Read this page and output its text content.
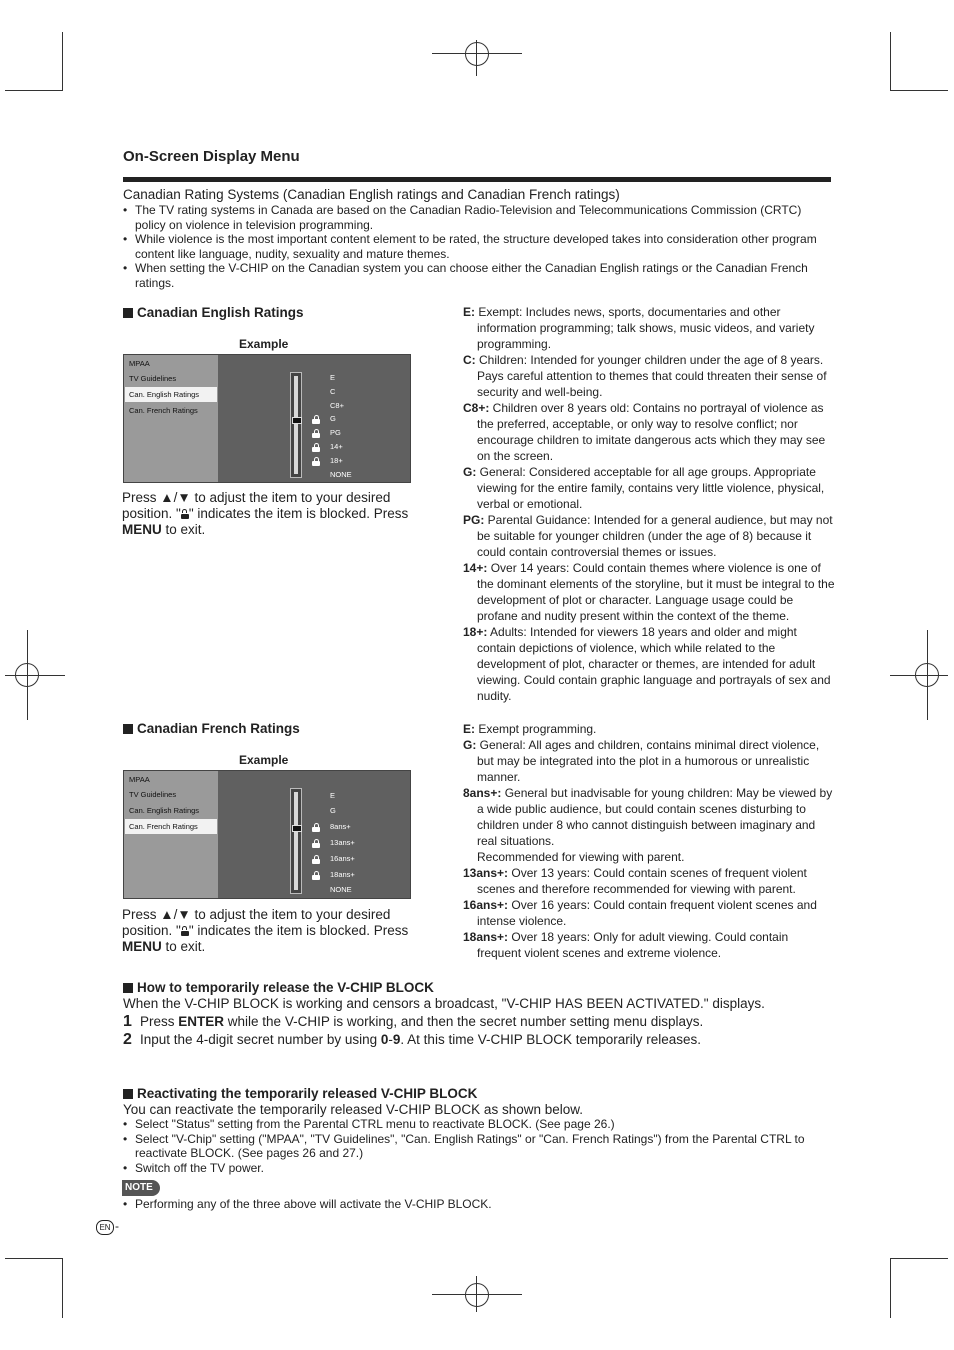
On-Screen Display Menu
Canadian Rating Systems (Canadian English ratings and Canadian French ratings)
• The TV rating systems in Canada are based on the Canadian Radio-Television and Telecommunications Commission (CRTC) policy on violence in television programming.
• While violence is the most important content element to be rated, the structure developed takes into consideration other program content like language, nudity, sexuality and mature themes.
• When setting the V-CHIP on the Canadian system you can choose either the Canadian English ratings or the Canadian French ratings.
Canadian English Ratings
Example
MPAA
TV Guidelines
Can. English Ratings
Can. French Ratings
E
C
C8+
G
PG
14+
18+
NONE
Press ▲/▼ to adjust the item to your desired position. " " indicates the item is blocked. Press MENU to exit.

E: Exempt: Includes news, sports, documentaries and other information programming; talk shows, music videos, and variety programming.

C: Children: Intended for younger children under the age of 8 years. Pays careful attention to themes that could threaten their sense of security and well-being.

C8+: Children over 8 years old: Contains no portrayal of violence as the preferred, acceptable, or only way to resolve conflict; nor encourage children to imitate dangerous acts which they may see on the screen.

G: General: Considered acceptable for all age groups. Appropriate viewing for the entire family, contains very little violence, physical, verbal or emotional.

PG: Parental Guidance: Intended for a general audience, but may not be suitable for younger children (under the age of 8) because it could contain controversial themes or issues.

14+: Over 14 years: Could contain themes where violence is one of the dominant elements of the storyline, but it must be integral to the development of plot or character. Language usage could be profane and nudity present within the context of the theme.

18+: Adults: Intended for viewers 18 years and older and might contain depictions of violence, which while related to the development of plot, character or themes, are intended for adult viewing. Could contain graphic language and portrayals of sex and nudity.

Canadian French Ratings
Example
MPAA
TV Guidelines
Can. English Ratings
Can. French Ratings
E
G
8ans+
13ans+
16ans+
18ans+
NONE
Press ▲/▼ to adjust the item to your desired position. " " indicates the item is blocked. Press MENU to exit.

E: Exempt programming.

G: General: All ages and children, contains minimal direct violence, but may be integrated into the plot in a humorous or unrealistic manner.

8ans+: General but inadvisable for young children: May be viewed by a wide public audience, but could contain scenes disturbing to children under 8 who cannot distinguish between imaginary and real situations.

Recommended for viewing with parent.

13ans+: Over 13 years: Could contain scenes of frequent violent scenes and therefore recommended for viewing with parent.

16ans+: Over 16 years: Could contain frequent violent scenes and intense violence.

18ans+: Over 18 years: Only for adult viewing. Could contain frequent violent scenes and extreme violence.

How to temporarily release the V-CHIP BLOCK
When the V-CHIP BLOCK is working and censors a broadcast, "V-CHIP HAS BEEN ACTIVATED." displays.
1 Press ENTER while the V-CHIP is working, and then the secret number setting menu displays.
2 Input the 4-digit secret number by using 0-9. At this time V-CHIP BLOCK temporarily releases.
Reactivating the temporarily released V-CHIP BLOCK
You can reactivate the temporarily released V-CHIP BLOCK as shown below.
• Select "Status" setting from the Parental CTRL menu to reactivate BLOCK. (See page 26.)
• Select "V-Chip" setting ("MPAA", "TV Guidelines", "Can. English Ratings" or "Can. French Ratings") from the Parental CTRL to reactivate BLOCK. (See pages 26 and 27.)
• Switch off the TV power.
NOTE
• Performing any of the three above will activate the V-CHIP BLOCK.
EN -
